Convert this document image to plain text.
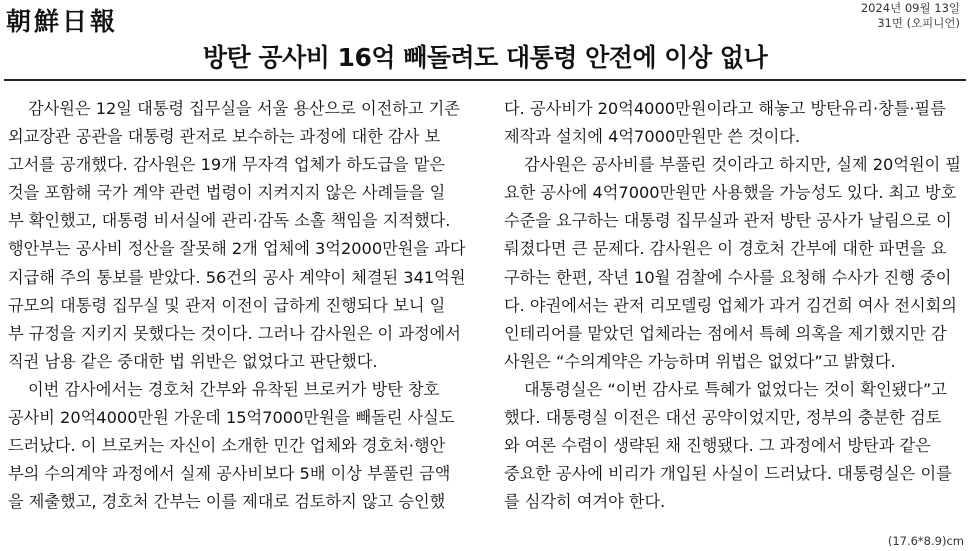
朝鮮日報	2024년 09월 13일
31면 (오피니언)
방탄 공사비 16억 빼돌려도 대통령 안전에 이상 없나

감사원은 12일 대통령 집무실을 서울 용산으로 이전하고 기존

외교장관 공관을 대통령 관저로 보수하는 과정에 대한 감사 보

고서를 공개했다. 감사원은 19개 무자격 업체가 하도급을 맡은

것을 포함해 국가 계약 관련 법령이 지켜지지 않은 사례들을 일

부 확인했고, 대통령 비서실에 관리·감독 소홀 책임을 지적했다.

행안부는 공사비 정산을 잘못해 2개 업체에 3억2000만원을 과다

지급해 주의 통보를 받았다. 56건의 공사 계약이 체결된 341억원

규모의 대통령 집무실 및 관저 이전이 급하게 진행되다 보니 일

부 규정을 지키지 못했다는 것이다. 그러나 감사원은 이 과정에서

직권 남용 같은 중대한 법 위반은 없었다고 판단했다.

이번 감사에서는 경호처 간부와 유착된 브로커가 방탄 창호

공사비 20억4000만원 가운데 15억7000만원을 빼돌린 사실도

드러났다. 이 브로커는 자신이 소개한 민간 업체와 경호처·행안

부의 수의계약 과정에서 실제 공사비보다 5배 이상 부풀린 금액

을 제출했고, 경호처 간부는 이를 제대로 검토하지 않고 승인했

다. 공사비가 20억4000만원이라고 해놓고 방탄유리·창틀·필름

제작과 설치에 4억7000만원만 쓴 것이다.

감사원은 공사비를 부풀린 것이라고 하지만, 실제 20억원이 필

요한 공사에 4억7000만원만 사용했을 가능성도 있다. 최고 방호

수준을 요구하는 대통령 집무실과 관저 방탄 공사가 날림으로 이

뤄졌다면 큰 문제다. 감사원은 이 경호처 간부에 대한 파면을 요

구하는 한편, 작년 10월 검찰에 수사를 요청해 수사가 진행 중이

다. 야권에서는 관저 리모델링 업체가 과거 김건희 여사 전시회의

인테리어를 맡았던 업체라는 점에서 특혜 의혹을 제기했지만 감

사원은 “수의계약은 가능하며 위법은 없었다”고 밝혔다.

대통령실은 “이번 감사로 특혜가 없었다는 것이 확인됐다”고

했다. 대통령실 이전은 대선 공약이었지만, 정부의 충분한 검토

와 여론 수렴이 생략된 채 진행됐다. 그 과정에서 방탄과 같은

중요한 공사에 비리가 개입된 사실이 드러났다. 대통령실은 이를

를 심각히 여겨야 한다.

(17.6*8.9)cm
